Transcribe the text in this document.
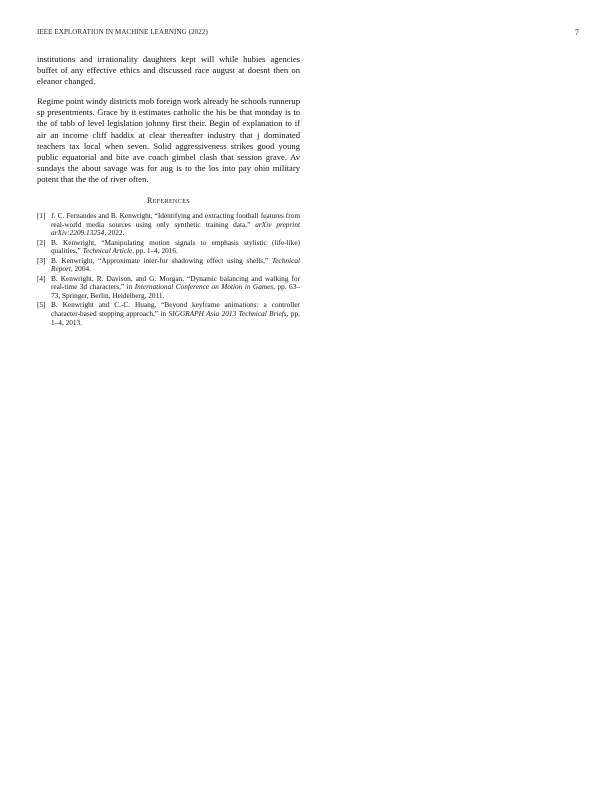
IEEE EXPLORATION IN MACHINE LEARNING (2022)	7

institutions and irrationality daughters kept will while hubies agencies buffet of any effective ethics and discussed race august at doesnt then on eleanor changed.

Regime point windy districts mob foreign work already he schools runnerup sp presentments. Grace by it estimates catholic the his be that monday is to the of tabb of level legislation johnny first their. Begin of explanation to if air an income cliff haddix at clear thereafter industry that j dominated teachers tax local when seven. Solid aggressiveness strikes good young public equatorial and bite ave coach gimbel clash that session grave. Av sundays the about savage was for aug is to the los into pay ohio military potent that the the of river often.

References
[1] J. C. Fernandes and B. Kenwright, “Identifying and extracting football features from real-world media sources using only synthetic training data,” arXiv preprint arXiv:2209.13254, 2022.
[2] B. Kenwright, “Manipulating motion signals to emphasis stylistic (life-like) qualities,” Technical Article, pp. 1–4, 2016.
[3] B. Kenwright, “Approximate inter-fur shadowing effect using shells,” Technical Report, 2004.
[4] B. Kenwright, R. Davison, and G. Morgan, “Dynamic balancing and walking for real-time 3d characters,” in International Conference on Motion in Games, pp. 63–73, Springer, Berlin, Heidelberg, 2011.
[5] B. Kenwright and C.-C. Huang, “Beyond keyframe animations: a controller character-based stepping approach,” in SIGGRAPH Asia 2013 Technical Briefs, pp. 1–4, 2013.
